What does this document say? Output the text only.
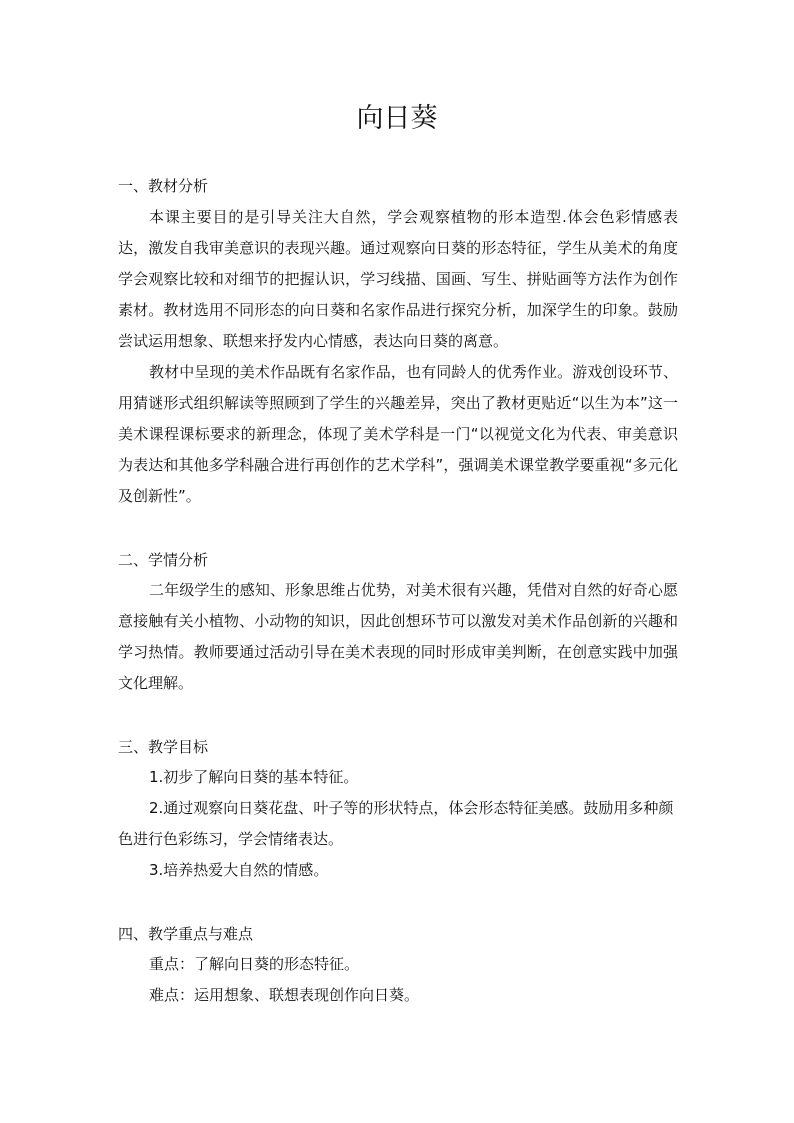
向日葵

一、教材分析

本课主要目的是引导关注大自然，学会观察植物的形本造型.体会色彩情感表达，激发自我审美意识的表现兴趣。通过观察向日葵的形态特征，学生从美术的角度学会观察比较和对细节的把握认识，学习线描、国画、写生、拼贴画等方法作为创作素材。教材选用不同形态的向日葵和名家作品进行探究分析，加深学生的印象。鼓励尝试运用想象、联想来抒发内心情感，表达向日葵的离意。

教材中呈现的美术作品既有名家作品，也有同龄人的优秀作业。游戏创设环节、用猜谜形式组织解读等照顾到了学生的兴趣差异，突出了教材更贴近“以生为本”这一美术课程课标要求的新理念，体现了美术学科是一门“以视觉文化为代表、审美意识为表达和其他多学科融合进行再创作的艺术学科”，强调美术课堂教学要重视“多元化及创新性”。

二、学情分析

二年级学生的感知、形象思维占优势，对美术很有兴趣，凭借对自然的好奇心愿意接触有关小植物、小动物的知识，因此创想环节可以激发对美术作品创新的兴趣和学习热情。教师要通过活动引导在美术表现的同时形成审美判断，在创意实践中加强文化理解。

三、教学目标

1.初步了解向日葵的基本特征。

2.通过观察向日葵花盘、叶子等的形状特点，体会形态特征美感。鼓励用多种颜色进行色彩练习，学会情绪表达。

3.培养热爱大自然的情感。

四、教学重点与难点

重点：了解向日葵的形态特征。

难点：运用想象、联想表现创作向日葵。
